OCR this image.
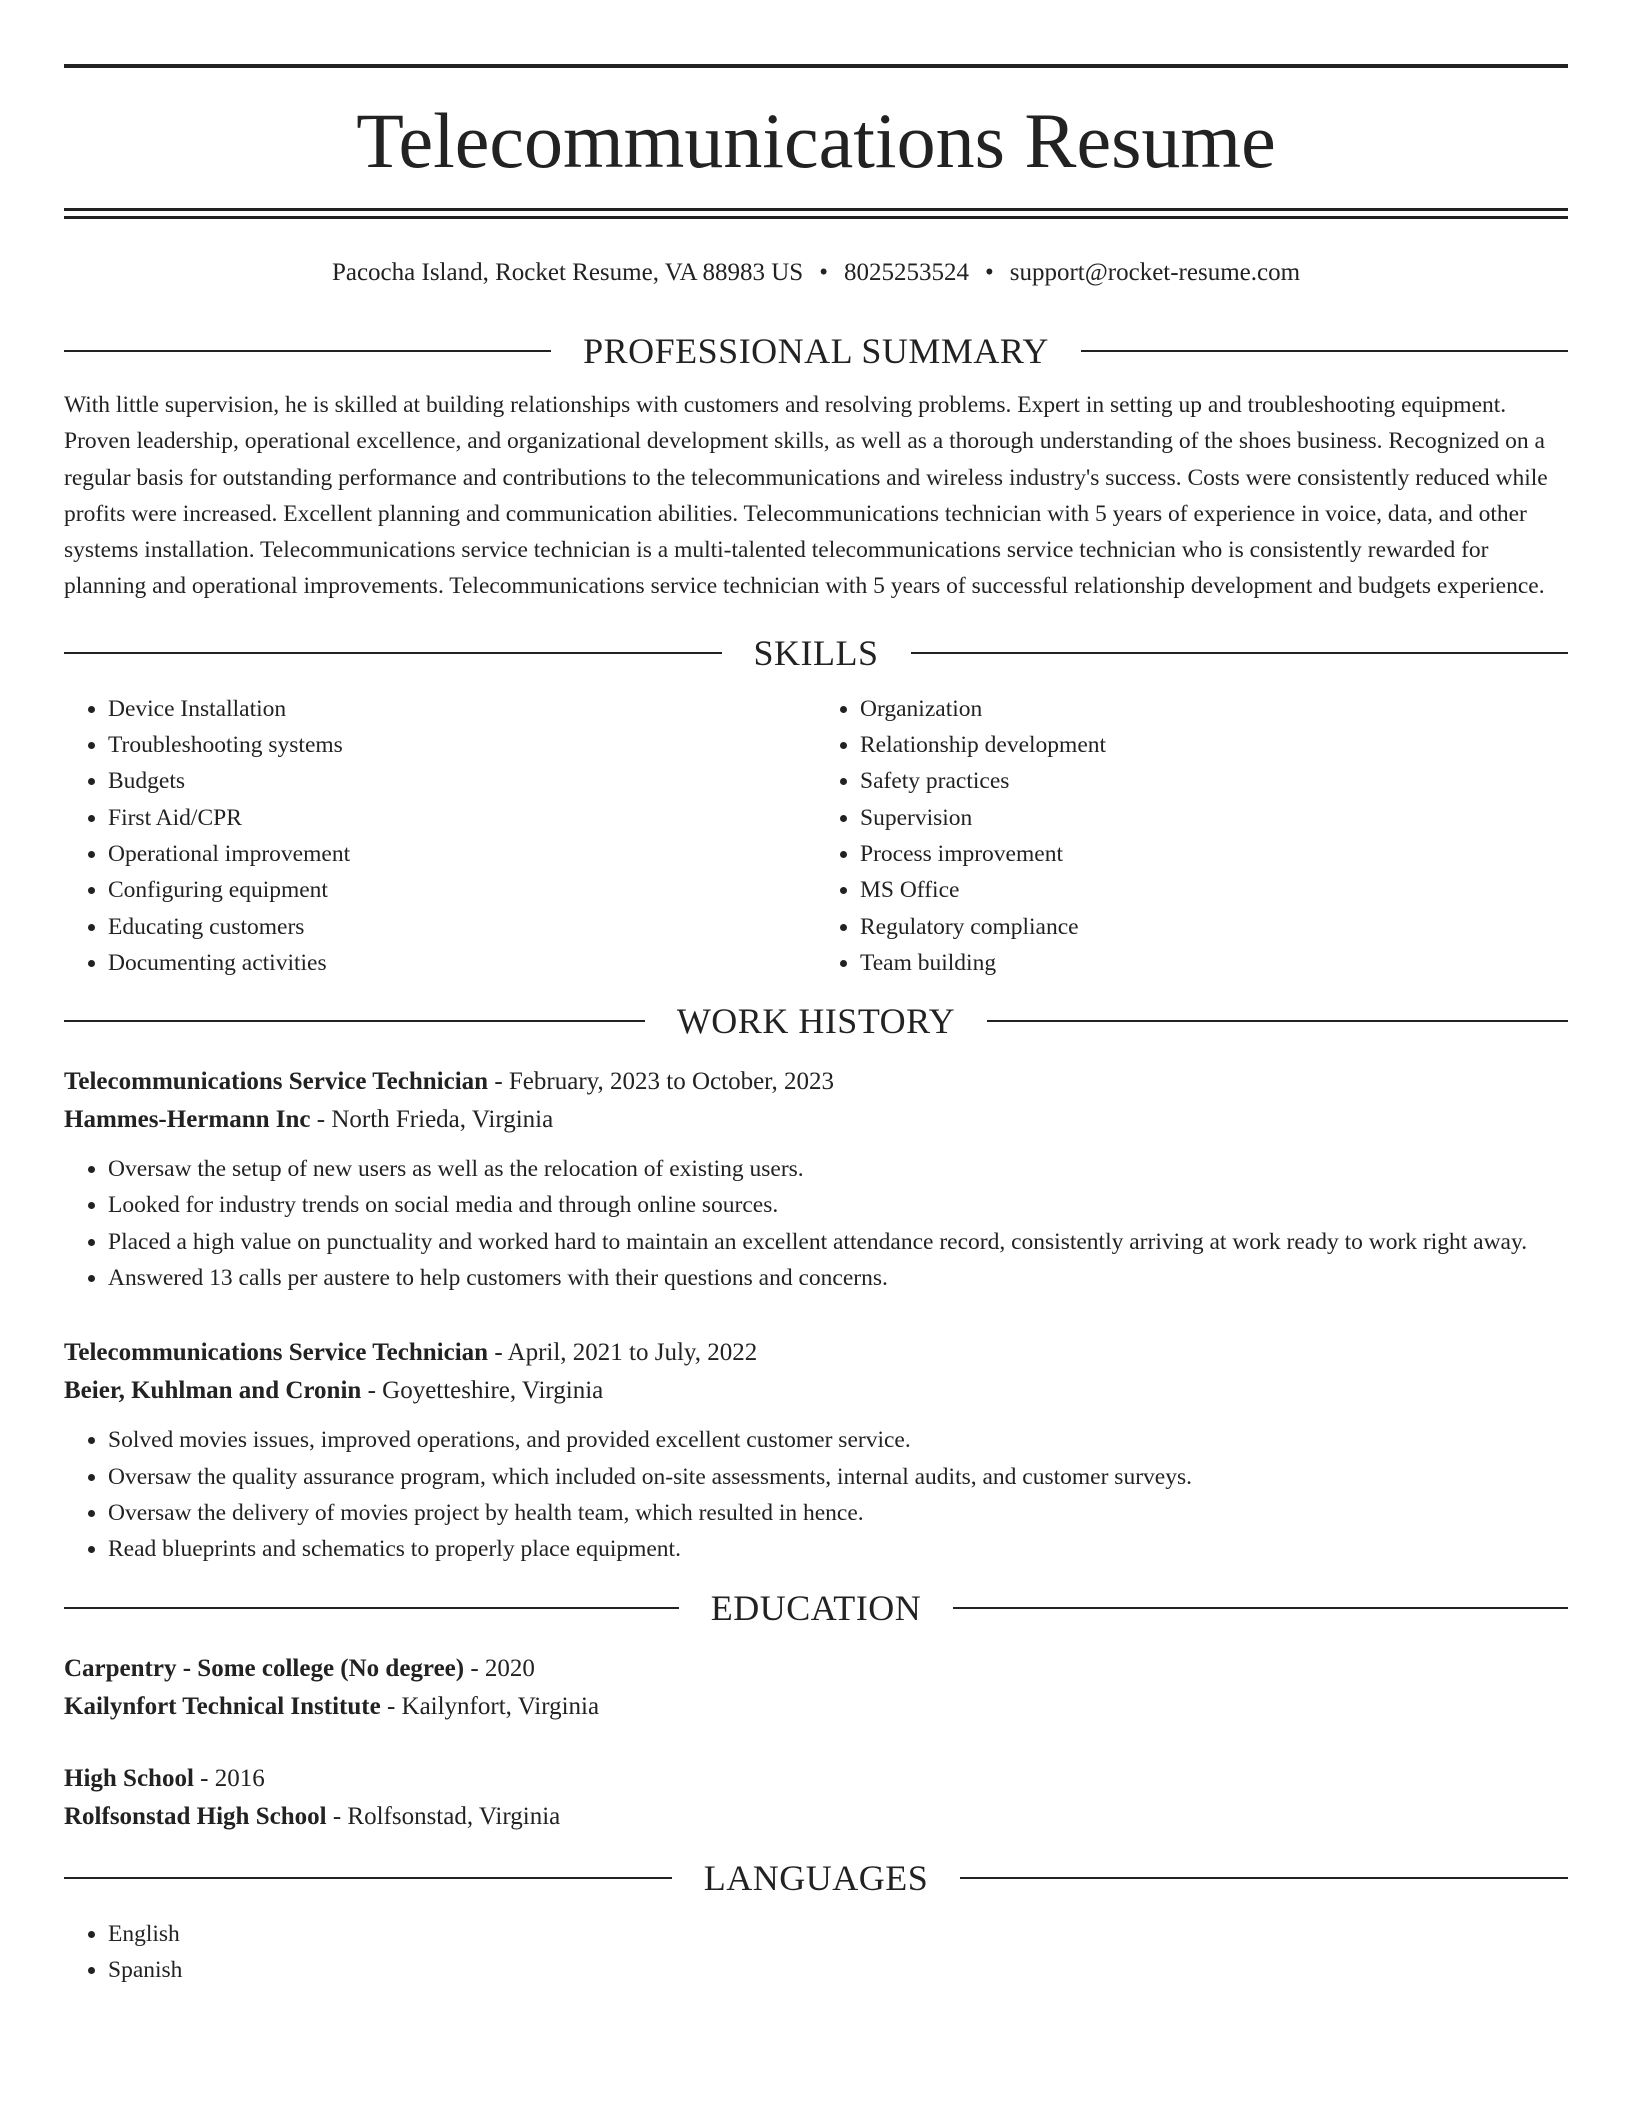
Telecommunications Resume
Pacocha Island, Rocket Resume, VA 88983 US • 8025253524 • support@rocket-resume.com
PROFESSIONAL SUMMARY
With little supervision, he is skilled at building relationships with customers and resolving problems. Expert in setting up and troubleshooting equipment. Proven leadership, operational excellence, and organizational development skills, as well as a thorough understanding of the shoes business. Recognized on a regular basis for outstanding performance and contributions to the telecommunications and wireless industry's success. Costs were consistently reduced while profits were increased. Excellent planning and communication abilities. Telecommunications technician with 5 years of experience in voice, data, and other systems installation. Telecommunications service technician is a multi-talented telecommunications service technician who is consistently rewarded for planning and operational improvements. Telecommunications service technician with 5 years of successful relationship development and budgets experience.
SKILLS
• Device Installation
• Troubleshooting systems
• Budgets
• First Aid/CPR
• Operational improvement
• Configuring equipment
• Educating customers
• Documenting activities
• Organization
• Relationship development
• Safety practices
• Supervision
• Process improvement
• MS Office
• Regulatory compliance
• Team building
WORK HISTORY
Telecommunications Service Technician - February, 2023 to October, 2023
Hammes-Hermann Inc - North Frieda, Virginia
• Oversaw the setup of new users as well as the relocation of existing users.
• Looked for industry trends on social media and through online sources.
• Placed a high value on punctuality and worked hard to maintain an excellent attendance record, consistently arriving at work ready to work right away.
• Answered 13 calls per austere to help customers with their questions and concerns.
Telecommunications Service Technician - April, 2021 to July, 2022
Beier, Kuhlman and Cronin - Goyetteshire, Virginia
• Solved movies issues, improved operations, and provided excellent customer service.
• Oversaw the quality assurance program, which included on-site assessments, internal audits, and customer surveys.
• Oversaw the delivery of movies project by health team, which resulted in hence.
• Read blueprints and schematics to properly place equipment.
EDUCATION
Carpentry - Some college (No degree) - 2020
Kailynfort Technical Institute - Kailynfort, Virginia
High School - 2016
Rolfsonstad High School - Rolfsonstad, Virginia
LANGUAGES
• English
• Spanish
